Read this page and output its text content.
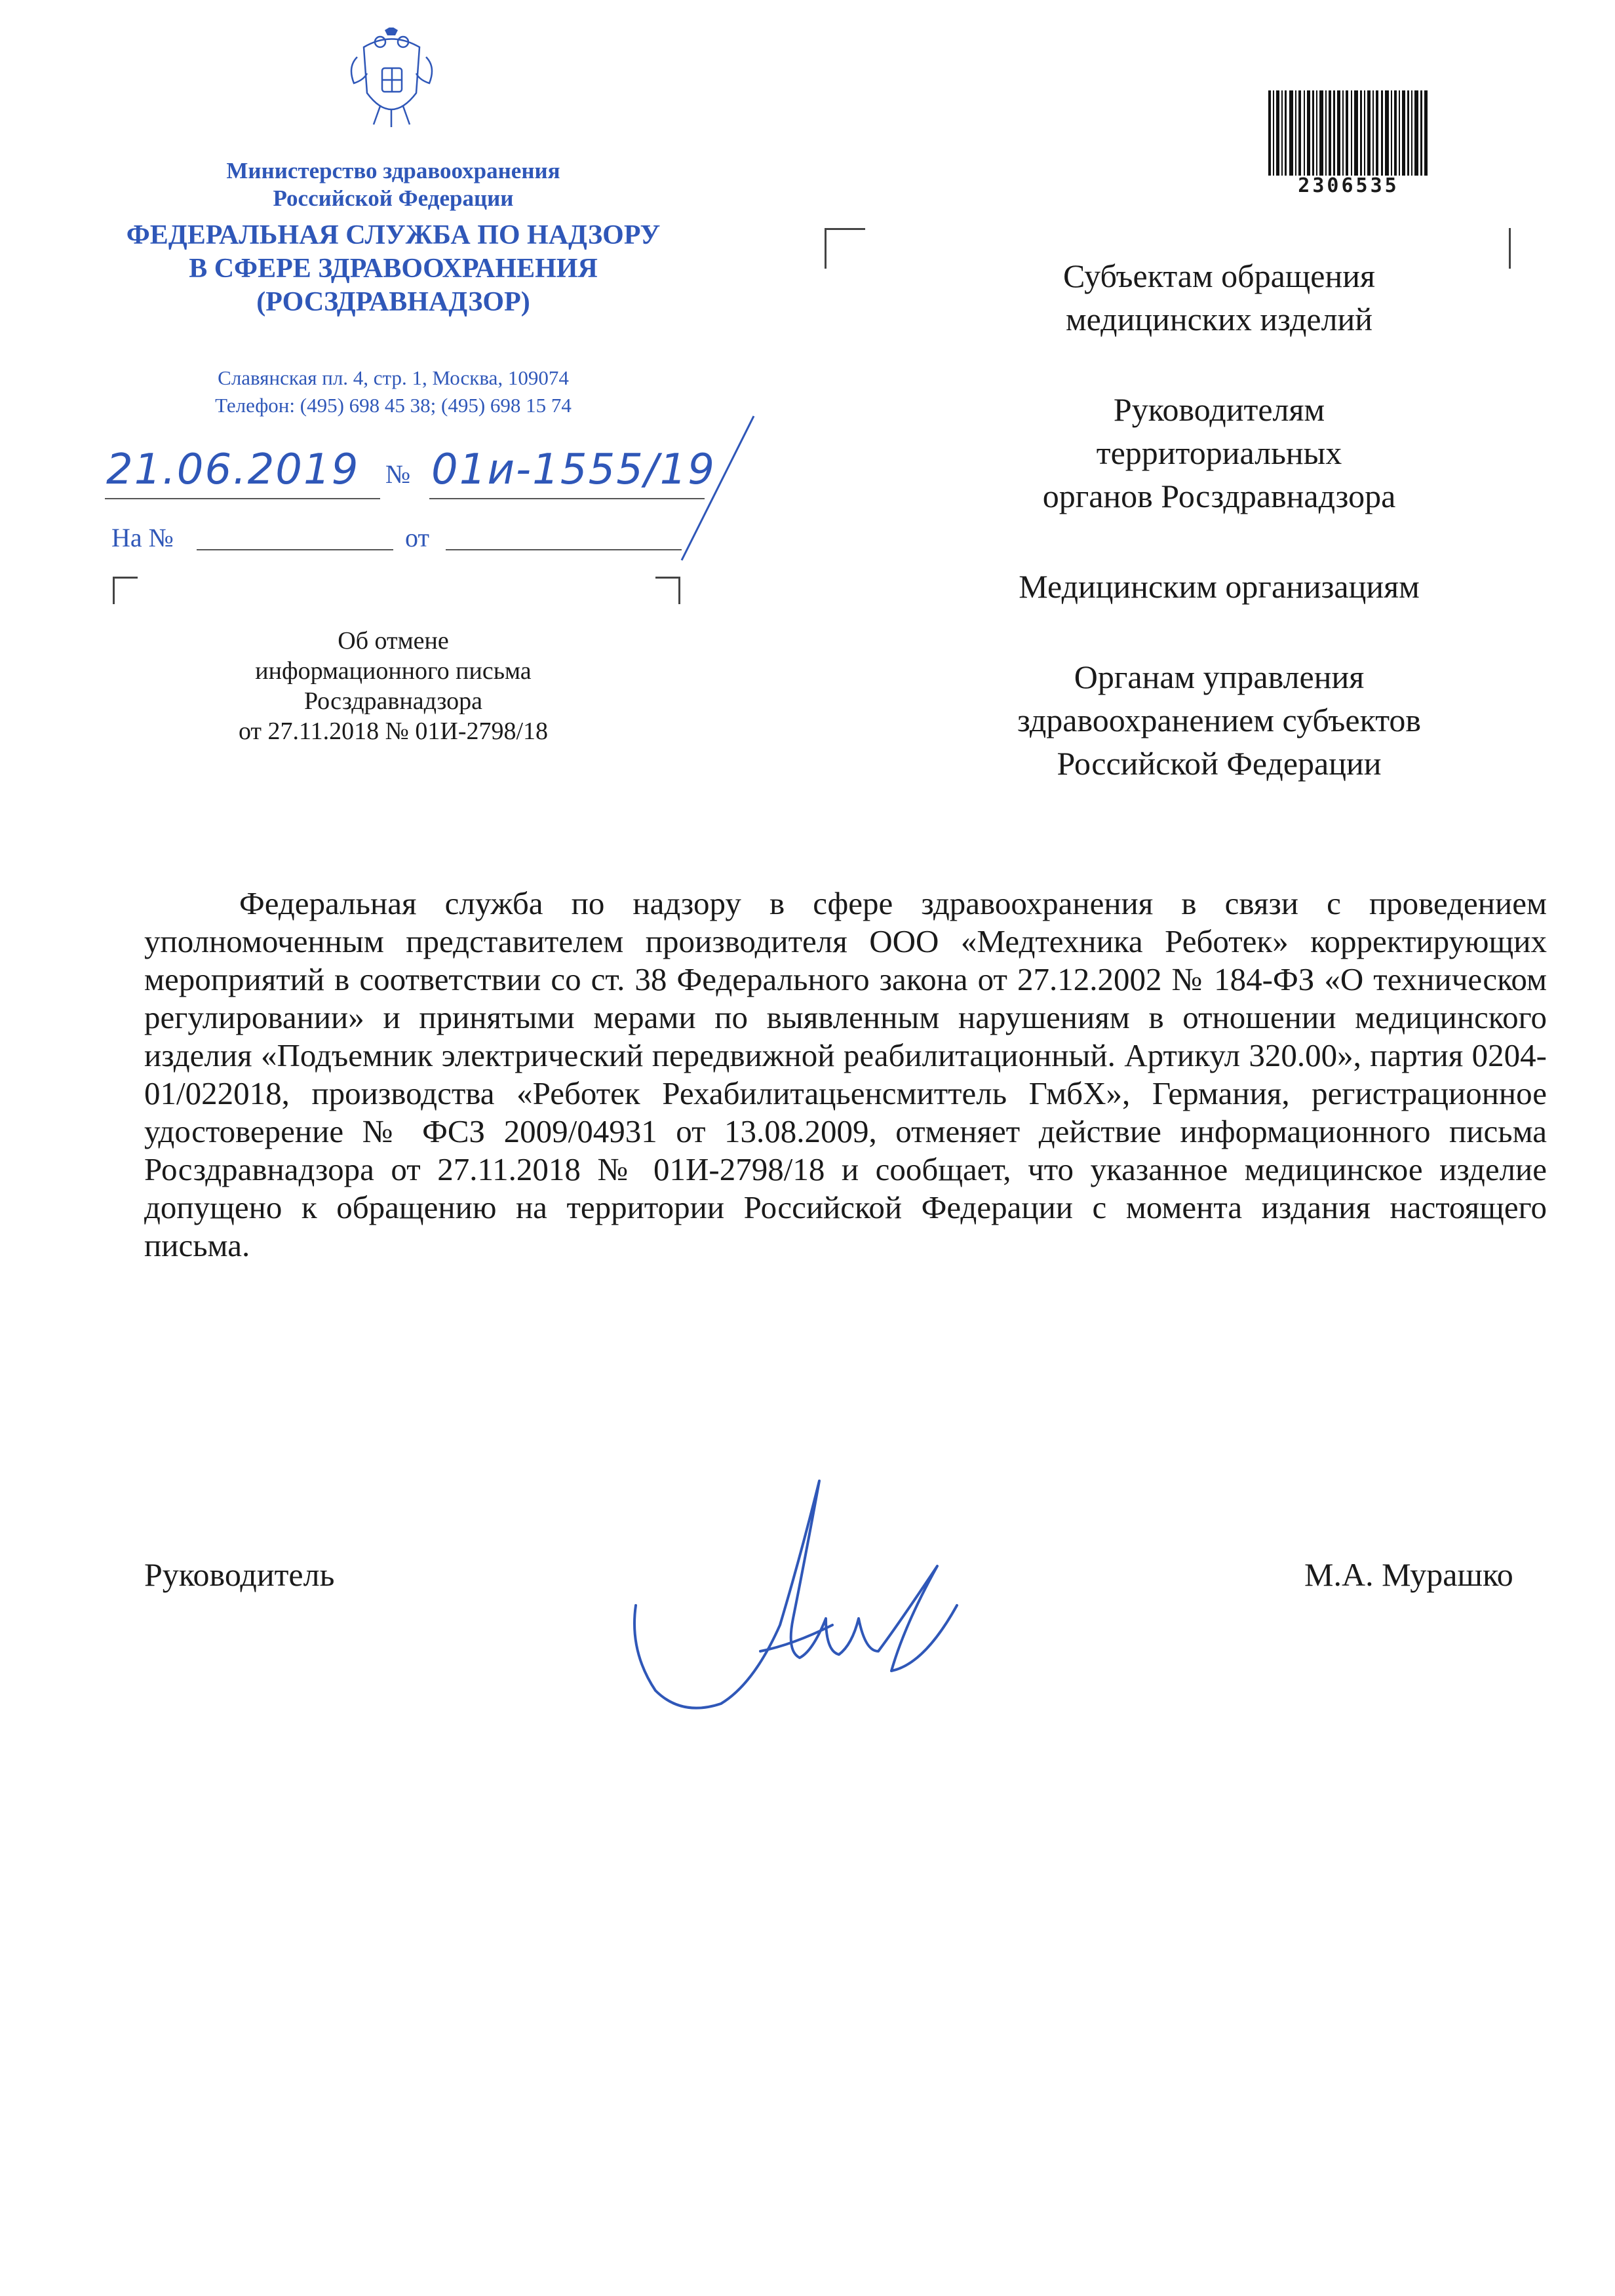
Министерство здравоохранения
Российской Федерации
ФЕДЕРАЛЬНАЯ СЛУЖБА ПО НАДЗОРУ
В СФЕРЕ ЗДРАВООХРАНЕНИЯ
(РОСЗДРАВНАДЗОР)
Славянская пл. 4, стр. 1, Москва, 109074
Телефон: (495) 698 45 38; (495) 698 15 74
21.06.2019 № 01и-1555/19
На №	от
Об отмене
информационного письма
Росздравнадзора
от 27.11.2018 № 01И-2798/18
Субъектам обращения
медицинских изделий
Руководителям
территориальных
органов Росздравнадзора
Медицинским организациям
Органам управления
здравоохранением субъектов
Российской Федерации
2306535
Федеральная служба по надзору в сфере здравоохранения в связи с проведением уполномоченным представителем производителя ООО «Медтехника Реботек» корректирующих мероприятий в соответствии со ст. 38 Федерального закона от 27.12.2002 № 184-ФЗ «О техническом регулировании» и принятыми мерами по выявленным нарушениям в отношении медицинского изделия «Подъемник электрический передвижной реабилитационный. Артикул 320.00», партия 0204-01/022018, производства «Реботек Рехабилитацьенсмиттель ГмбХ», Германия, регистрационное удостоверение № ФСЗ 2009/04931 от 13.08.2009, отменяет действие информационного письма Росздравнадзора от 27.11.2018 № 01И-2798/18 и сообщает, что указанное медицинское изделие допущено к обращению на территории Российской Федерации с момента издания настоящего письма.
Руководитель	М.А. Мурашко
